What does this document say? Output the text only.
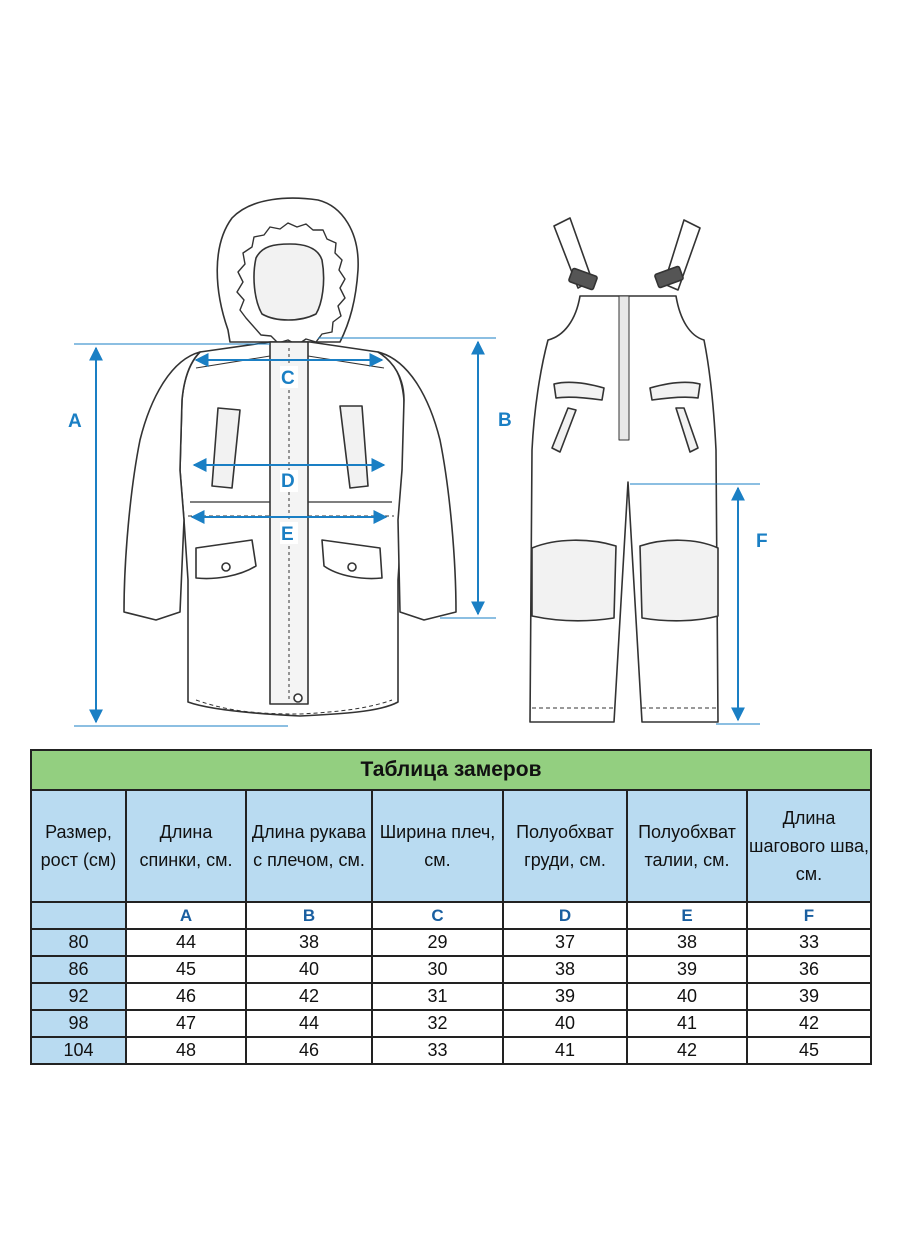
A	B
C
D
E	F
Таблица замеров						
Размер, рост (см)	Длина спинки, см.	Длина рукава с плечом, см.	Ширина плеч, см.	Полуобхват груди, см.	Полуобхват талии, см.	Длина шагового шва, см.
	A	B	C	D	E	F
80	44	38	29	37	38	33
86	45	40	30	38	39	36
92	46	42	31	39	40	39
98	47	44	32	40	41	42
104	48	46	33	41	42	45
